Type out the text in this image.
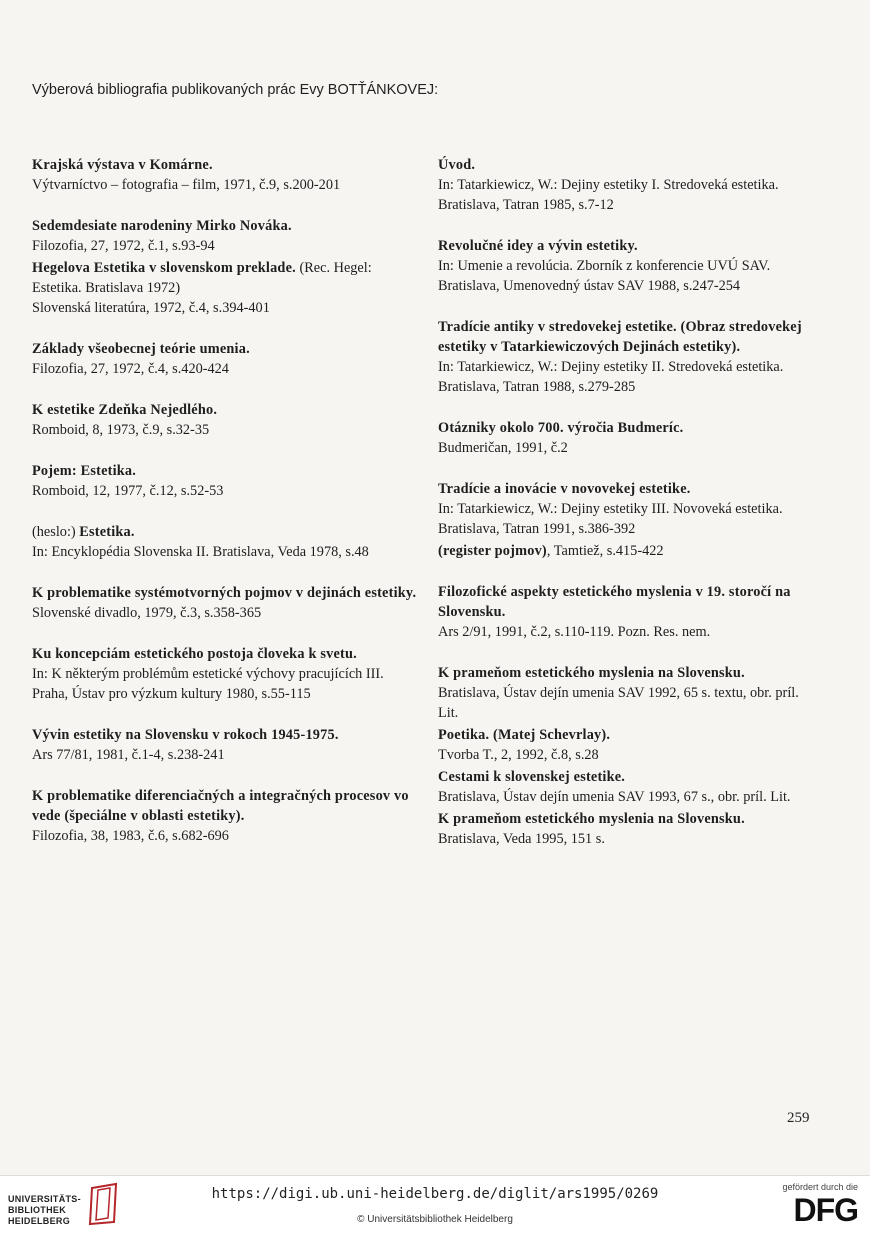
Výberová bibliografia publikovaných prác Evy BOTŤÁNKOVEJ:
Krajská výstava v Komárne.
Výtvarníctvo – fotografia – film, 1971, č.9, s.200-201
Sedemdesiate narodeniny Mirko Nováka.
Filozofia, 27, 1972, č.1, s.93-94
Hegelova Estetika v slovenskom preklade. (Rec. Hegel: Estetika. Bratislava 1972)
Slovenská literatúra, 1972, č.4, s.394-401
Základy všeobecnej teórie umenia.
Filozofia, 27, 1972, č.4, s.420-424
K estetike Zdeňka Nejedlého.
Romboid, 8, 1973, č.9, s.32-35
Pojem: Estetika.
Romboid, 12, 1977, č.12, s.52-53
(heslo:) Estetika.
In: Encyklopédia Slovenska II. Bratislava, Veda 1978, s.48
K problematike systémotvorných pojmov v dejinách estetiky.
Slovenské divadlo, 1979, č.3, s.358-365
Ku koncepciám estetického postoja človeka k svetu.
In: K některým problémům estetické výchovy pracujících III. Praha, Ústav pro výzkum kultury 1980, s.55-115
Vývin estetiky na Slovensku v rokoch 1945-1975.
Ars 77/81, 1981, č.1-4, s.238-241
K problematike diferenciačných a integračných procesov vo vede (špeciálne v oblasti estetiky).
Filozofia, 38, 1983, č.6, s.682-696
Úvod.
In: Tatarkiewicz, W.: Dejiny estetiky I. Stredoveká estetika.
Bratislava, Tatran 1985, s.7-12
Revolučné idey a vývin estetiky.
In: Umenie a revolúcia. Zborník z konferencie UVÚ SAV.
Bratislava, Umenovedný ústav SAV 1988, s.247-254
Tradície antiky v stredovekej estetike. (Obraz stredovekej estetiky v Tatarkiewiczových Dejinách estetiky).
In: Tatarkiewicz, W.: Dejiny estetiky II. Stredoveká estetika.
Bratislava, Tatran 1988, s.279-285
Otázniky okolo 700. výročia Budmeríc.
Budmeričan, 1991, č.2
Tradície a inovácie v novovekej estetike.
In: Tatarkiewicz, W.: Dejiny estetiky III. Novoveká estetika.
Bratislava, Tatran 1991, s.386-392
(register pojmov), Tamtiež, s.415-422
Filozofické aspekty estetického myslenia v 19. storočí na Slovensku.
Ars 2/91, 1991, č.2, s.110-119. Pozn. Res. nem.
K prameňom estetického myslenia na Slovensku.
Bratislava, Ústav dejín umenia SAV 1992, 65 s. textu, obr. príl. Lit.
Poetika. (Matej Schevrlay).
Tvorba T., 2, 1992, č.8, s.28
Cestami k slovenskej estetike.
Bratislava, Ústav dejín umenia SAV 1993, 67 s., obr. príl. Lit.
K prameňom estetického myslenia na Slovensku.
Bratislava, Veda 1995, 151 s.
259
UNIVERSITÄTS-
BIBLIOTHEK
HEIDELBERG
https://digi.ub.uni-heidelberg.de/diglit/ars1995/0269
© Universitätsbibliothek Heidelberg
gefördert durch die
DFG
